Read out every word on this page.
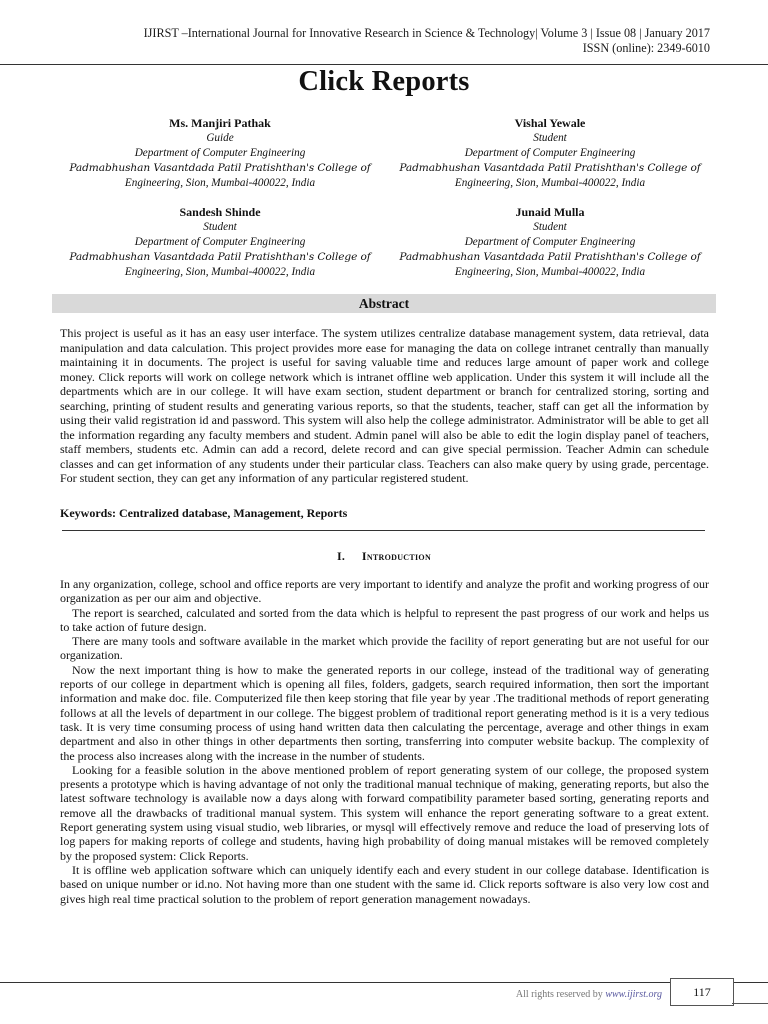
IJIRST –International Journal for Innovative Research in Science & Technology| Volume 3 | Issue 08 | January 2017
ISSN (online): 2349-6010
Click Reports
Ms. Manjiri Pathak
Guide
Department of Computer Engineering
Padmabhushan Vasantdada Patil Pratishthan's College of
Engineering, Sion, Mumbai-400022, India
Vishal Yewale
Student
Department of Computer Engineering
Padmabhushan Vasantdada Patil Pratishthan's College of
Engineering, Sion, Mumbai-400022, India
Sandesh Shinde
Student
Department of Computer Engineering
Padmabhushan Vasantdada Patil Pratishthan's College of
Engineering, Sion, Mumbai-400022, India
Junaid Mulla
Student
Department of Computer Engineering
Padmabhushan Vasantdada Patil Pratishthan's College of
Engineering, Sion, Mumbai-400022, India
Abstract
This project is useful as it has an easy user interface. The system utilizes centralize database management system, data retrieval, data manipulation and data calculation. This project provides more ease for managing the data on college intranet centrally than manually maintaining it in documents. The project is useful for saving valuable time and reduces large amount of paper work and college money. Click reports will work on college network which is intranet offline web application. Under this system it will include all the departments which are in our college. It will have exam section, student department or branch for centralized storing, sorting and searching, printing of student results and generating various reports, so that the students, teacher, staff can get all the information by using their valid registration id and password. This system will also help the college administrator. Administrator will be able to get all the information regarding any faculty members and student. Admin panel will also be able to edit the login display panel of teachers, staff members, students etc. Admin can add a record, delete record and can give special permission. Teacher Admin can schedule classes and can get information of any students under their particular class. Teachers can also make query by using grade, percentage. For student section, they can get any information of any particular registered student.
Keywords: Centralized database, Management, Reports
I. Introduction

In any organization, college, school and office reports are very important to identify and analyze the profit and working progress of our organization as per our aim and objective.

The report is searched, calculated and sorted from the data which is helpful to represent the past progress of our work and helps us to take action of future design.

There are many tools and software available in the market which provide the facility of report generating but are not useful for our organization.

Now the next important thing is how to make the generated reports in our college, instead of the traditional way of generating reports of our college in department which is opening all files, folders, gadgets, search required information, then sort the important information and make doc. file. Computerized file then keep storing that file year by year .The traditional methods of report generating follows at all the levels of department in our college. The biggest problem of traditional report generating method is it is a very tedious task. It is very time consuming process of using hand written data then calculating the percentage, average and other things in exam department and also in other things in other departments then sorting, transferring into computer website backup. The complexity of the process also increases along with the increase in the number of students.

Looking for a feasible solution in the above mentioned problem of report generating system of our college, the proposed system presents a prototype which is having advantage of not only the traditional manual technique of making, generating reports, but also the latest software technology is available now a days along with forward compatibility parameter based sorting, generating reports and remove all the drawbacks of traditional manual system. This system will enhance the report generating software to a great extent. Report generating system using visual studio, web libraries, or mysql will effectively remove and reduce the load of preserving lots of log papers for making reports of college and students, having high probability of doing manual mistakes will be removed completely by the proposed system: Click Reports.

It is offline web application software which can uniquely identify each and every student in our college database. Identification is based on unique number or id.no. Not having more than one student with the same id. Click reports software is also very low cost and gives high real time practical solution to the problem of report generation management nowadays.

All rights reserved by www.ijirst.org	117
